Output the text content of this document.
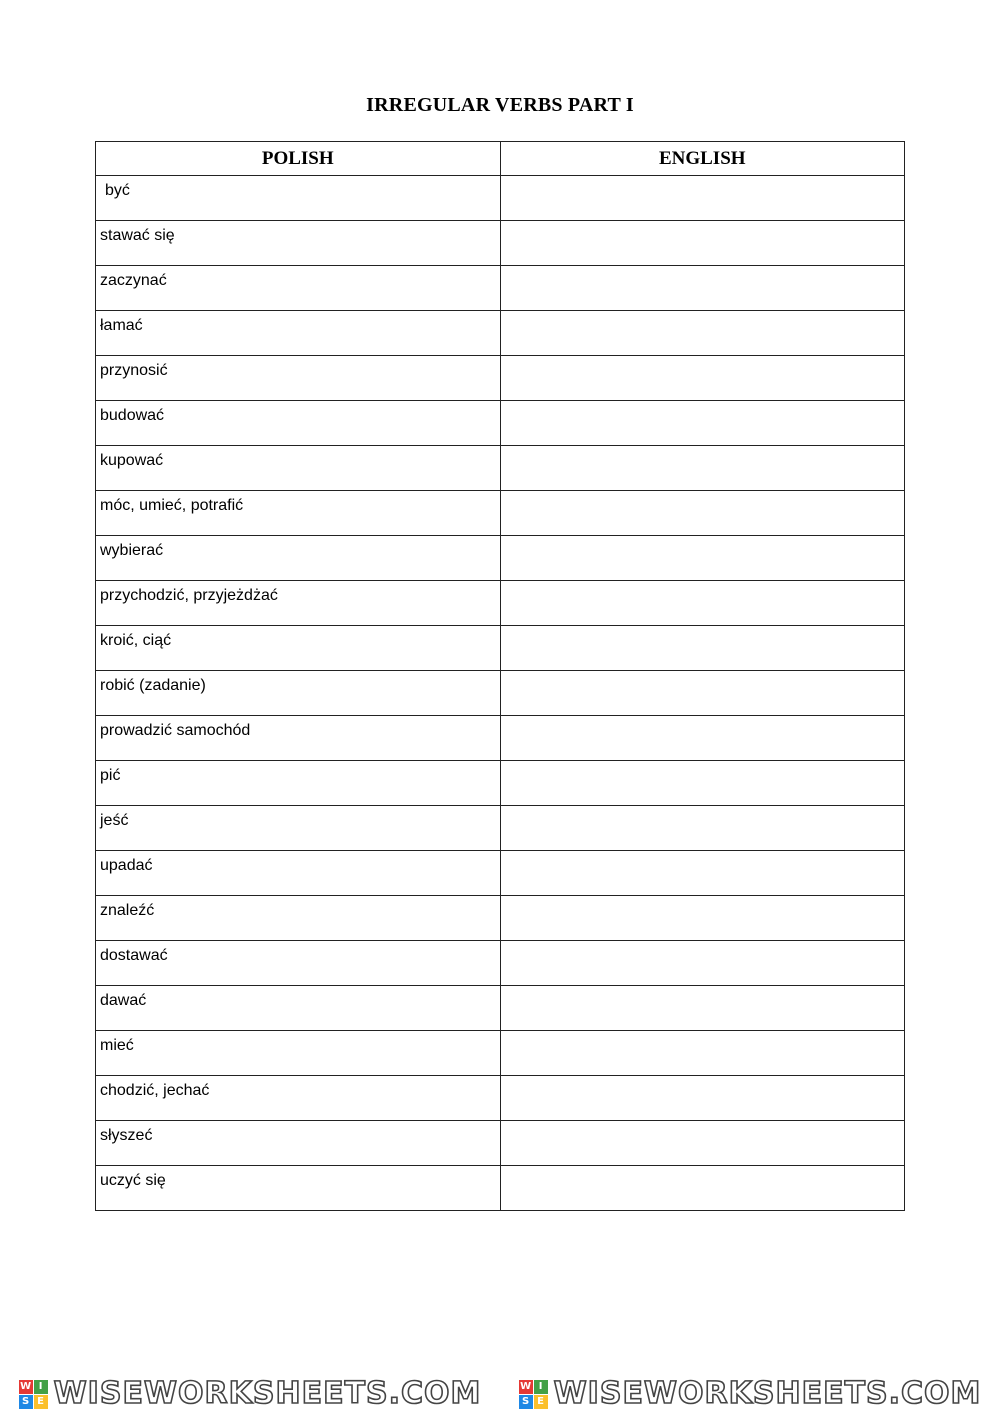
IRREGULAR VERBS PART I
POLISH	ENGLISH
być	

stawać się	

zaczynać	

łamać	

przynosić	

budować	

kupować	

móc, umieć, potrafić	

wybierać	

przychodzić, przyjeżdżać	

kroić, ciąć	

robić (zadanie)	

prowadzić samochód	

pić	

jeść	

upadać	

znaleźć	

dostawać	

dawać	

mieć	

chodzić, jechać	

słyszeć	

uczyć się	
W I
S E WISEWORKSHEETS.COM	W I
S E WISEWORKSHEETS.COM
